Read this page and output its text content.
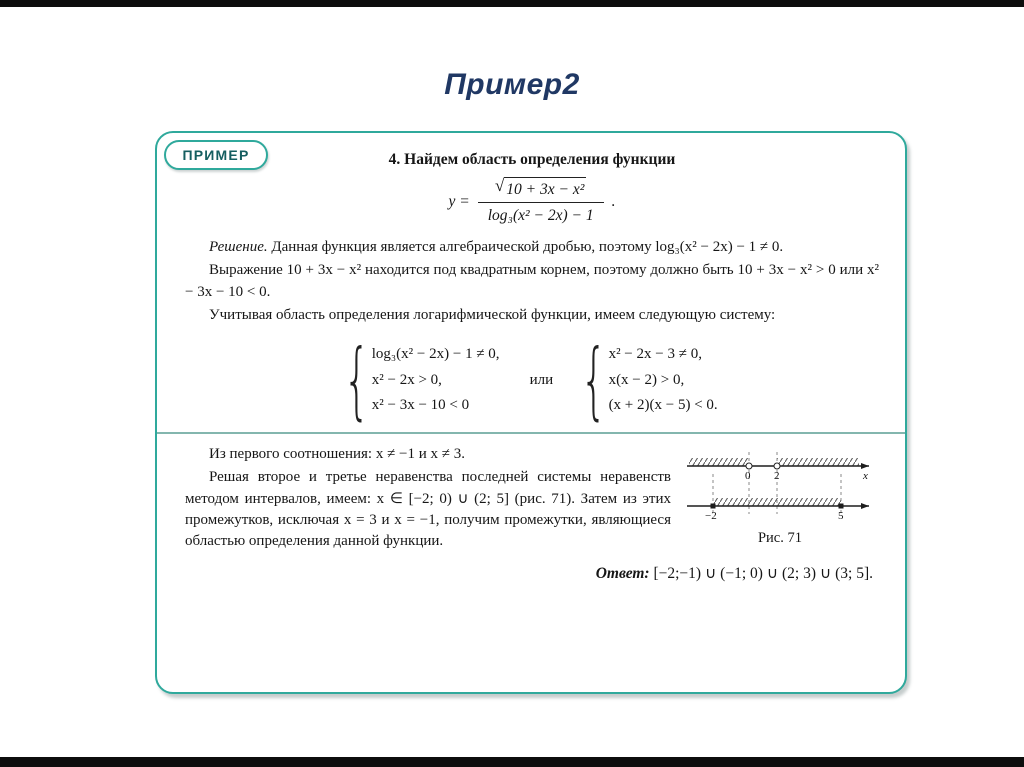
Пример2
ПРИМЕР	4. Найдем область определения функции
$y = \frac{\text{√ 10 + 3x − x²}}{\text{log₃(x² − 2x) − 1}}$ .

Решение. Данная функция является алгебраической дробью, поэтому log₃(x² − 2x) − 1 ≠ 0.

Выражение 10 + 3x − x² находится под квадратным корнем, поэтому должно быть 10 + 3x − x² > 0 или x² − 3x − 10 < 0.

Учитывая область определения логарифмической функции, имеем следующую систему:

{ log₃(x² − 2x) − 1 ≠ 0,
x² − 2x > 0,
x² − 3x − 10 < 0
или { x² − 2x − 3 ≠ 0,
x(x − 2) > 0,
(x + 2)(x − 5) < 0.
0 2	x
−2	5
Рис. 71

Из первого соотношения: x ≠ −1 и x ≠ 3.

Решая второе и третье неравенства последней системы неравенств методом интервалов, имеем: x ∈ [−2; 0) ∪ (2; 5] (рис. 71). Затем из этих промежутков, исключая x = 3 и x = −1, получим промежутки, являющиеся областью определения данной функции.

Ответ: [−2;−1) ∪ (−1; 0) ∪ (2; 3) ∪ (3; 5].
